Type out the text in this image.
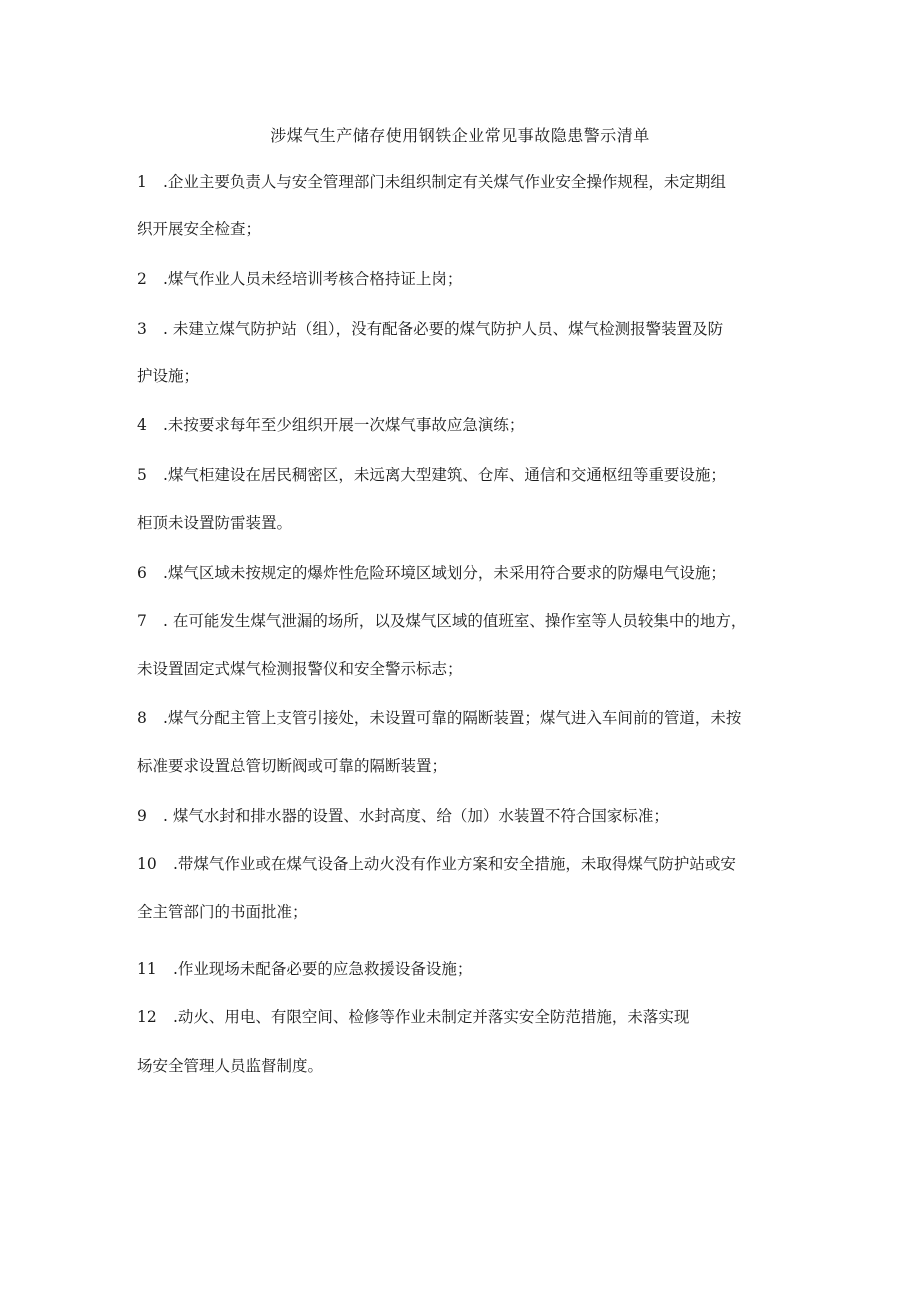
涉煤气生产储存使用钢铁企业常见事故隐患警示清单
1 .企业主要负责人与安全管理部门未组织制定有关煤气作业安全操作规程，未定期组
织开展安全检查；
2 .煤气作业人员未经培训考核合格持证上岗；
3 . 未建立煤气防护站（组），没有配备必要的煤气防护人员、煤气检测报警装置及防
护设施；
4 .未按要求每年至少组织开展一次煤气事故应急演练；
5 .煤气柜建设在居民稠密区，未远离大型建筑、仓库、通信和交通枢纽等重要设施；
柜顶未设置防雷装置。
6 .煤气区域未按规定的爆炸性危险环境区域划分，未采用符合要求的防爆电气设施；
7 . 在可能发生煤气泄漏的场所，以及煤气区域的值班室、操作室等人员较集中的地方，
未设置固定式煤气检测报警仪和安全警示标志；
8 .煤气分配主管上支管引接处，未设置可靠的隔断装置；煤气进入车间前的管道，未按
标准要求设置总管切断阀或可靠的隔断装置；
9 . 煤气水封和排水器的设置、水封高度、给（加）水装置不符合国家标准；
10 .带煤气作业或在煤气设备上动火没有作业方案和安全措施，未取得煤气防护站或安
全主管部门的书面批准；
11 .作业现场未配备必要的应急救援设备设施；
12 .动火、用电、有限空间、检修等作业未制定并落实安全防范措施，未落实现
场安全管理人员监督制度。
